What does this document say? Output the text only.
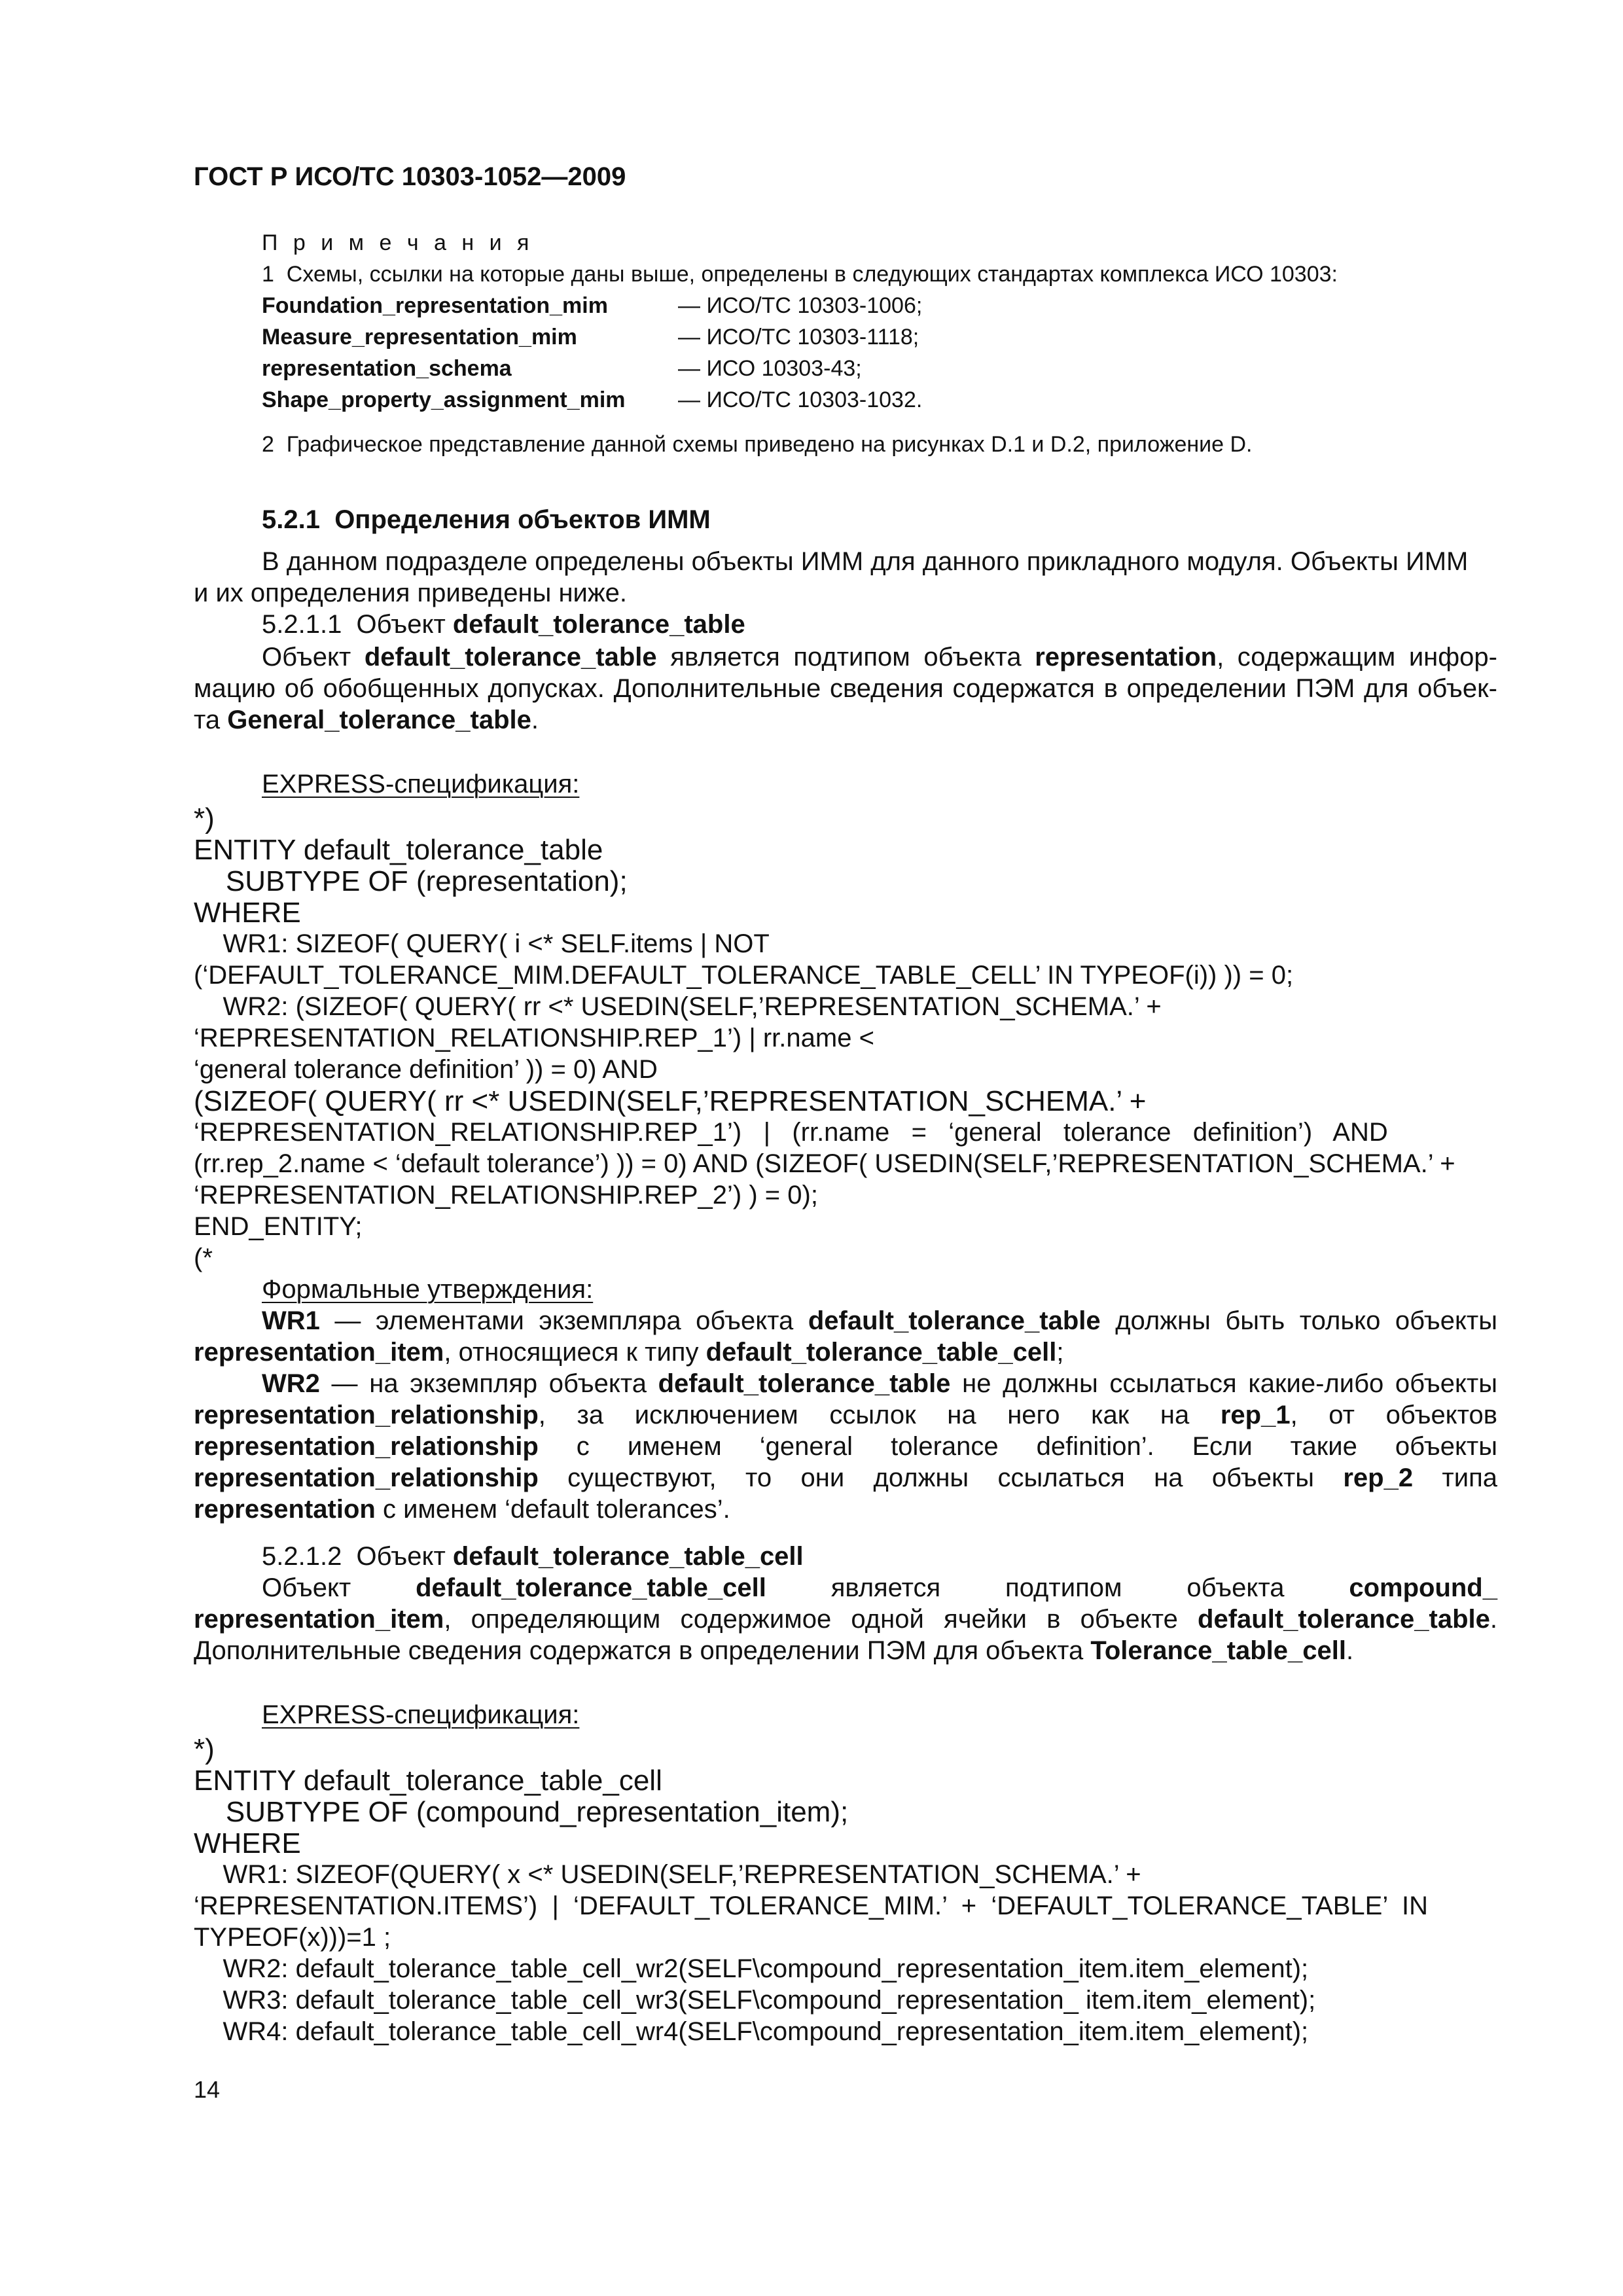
ГОСТ Р ИСО/ТС 10303-1052—2009
П р и м е ч а н и я
1  Схемы, ссылки на которые даны выше, определены в следующих стандартах комплекса ИСО 10303:
Foundation_representation_mim	— ИСО/ТС 10303-1006;
Measure_representation_mim	— ИСО/ТС 10303-1118;
representation_schema	— ИСО 10303-43;
Shape_property_assignment_mim — ИСО/ТС 10303-1032.
2  Графическое представление данной схемы приведено на рисунках D.1 и D.2, приложение D.
5.2.1  Определения объектов ИММ
В данном подразделе определены объекты ИММ для данного прикладного модуля. Объекты ИММ
и их определения приведены ниже.
5.2.1.1  Объект default_tolerance_table
Объект default_tolerance_table является подтипом объекта representation, содержащим инфор-
мацию об обобщенных допусках. Дополнительные сведения содержатся в определении ПЭМ для объек-
та General_tolerance_table.
EXPRESS-спецификация:
*)
ENTITY default_tolerance_table
SUBTYPE OF (representation);
WHERE
WR1: SIZEOF( QUERY( i <* SELF.items | NOT
(‘DEFAULT_TOLERANCE_MIM.DEFAULT_TOLERANCE_TABLE_CELL’ IN TYPEOF(i)) )) = 0;
WR2: (SIZEOF( QUERY( rr <* USEDIN(SELF,’REPRESENTATION_SCHEMA.’ +
‘REPRESENTATION_RELATIONSHIP.REP_1’) | rr.name <
‘general tolerance definition’ )) = 0) AND
(SIZEOF( QUERY( rr <* USEDIN(SELF,’REPRESENTATION_SCHEMA.’ +
‘REPRESENTATION_RELATIONSHIP.REP_1’)   |   (rr.name   =   ‘general   tolerance   definition’)   AND
(rr.rep_2.name < ‘default tolerance’) )) = 0) AND (SIZEOF( USEDIN(SELF,’REPRESENTATION_SCHEMA.’ +
‘REPRESENTATION_RELATIONSHIP.REP_2’) ) = 0);
END_ENTITY;
(*
Формальные утверждения:
WR1 — элементами экземпляра объекта default_tolerance_table должны быть только объекты
representation_item, относящиеся к типу default_tolerance_table_cell;
WR2 — на экземпляр объекта default_tolerance_table не должны ссылаться какие-либо объекты
representation_relationship,  за  исключением  ссылок  на  него  как  на  rep_1,  от  объектов
representation_relationship   с   именем   ‘general   tolerance   definition’.   Если   такие   объекты
representation_relationship  существуют,  то  они  должны  ссылаться  на  объекты  rep_2  типа
representation с именем ‘default tolerances’.
5.2.1.2  Объект default_tolerance_table_cell
Объект default_tolerance_table_cell является подтипом объекта compound_
representation_item, определяющим содержимое одной ячейки в объекте default_tolerance_table.
Дополнительные сведения содержатся в определении ПЭМ для объекта Tolerance_table_cell.
EXPRESS-спецификация:
*)
ENTITY default_tolerance_table_cell
SUBTYPE OF (compound_representation_item);
WHERE
WR1: SIZEOF(QUERY( x <* USEDIN(SELF,’REPRESENTATION_SCHEMA.’ +
‘REPRESENTATION.ITEMS’)  |  ‘DEFAULT_TOLERANCE_MIM.’  +  ‘DEFAULT_TOLERANCE_TABLE’  IN
TYPEOF(x)))=1 ;
WR2: default_tolerance_table_cell_wr2(SELF\compound_representation_item.item_element);
WR3: default_tolerance_table_cell_wr3(SELF\compound_representation_ item.item_element);
WR4: default_tolerance_table_cell_wr4(SELF\compound_representation_item.item_element);
14
